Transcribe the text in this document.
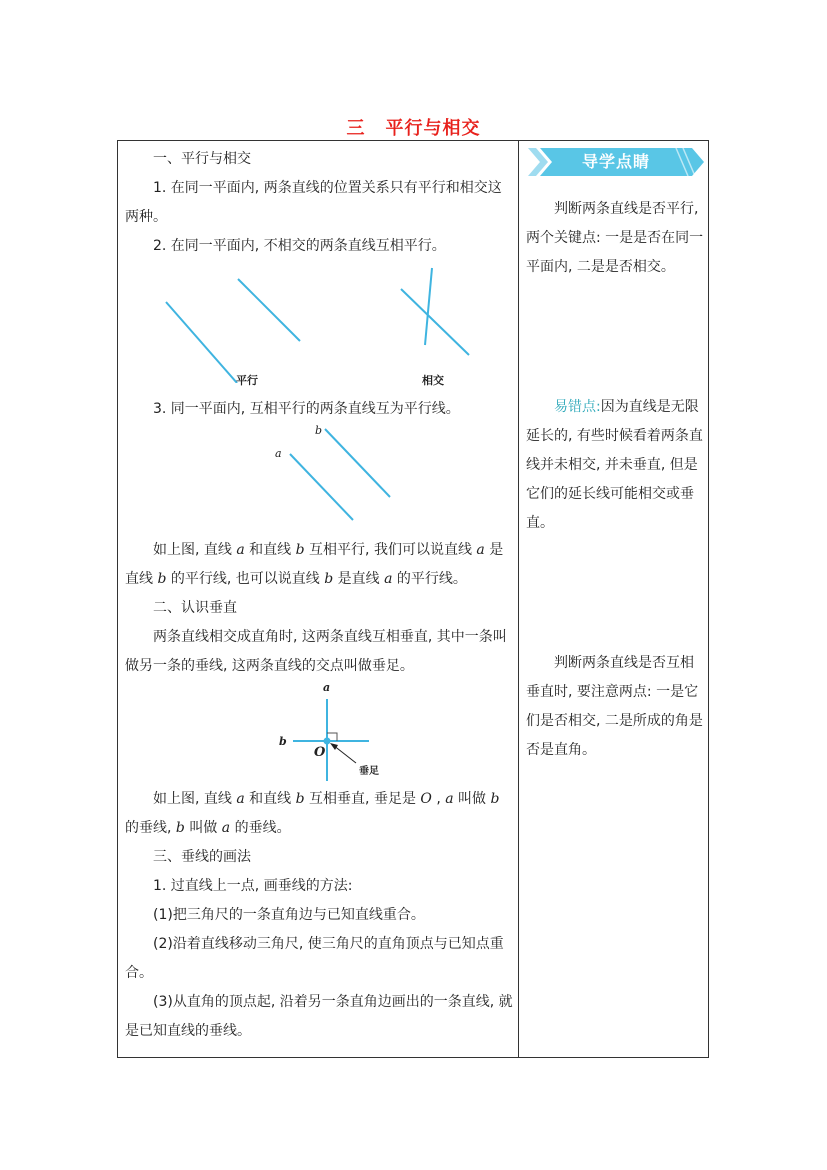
三 平行与相交

一、平行与相交

1. 在同一平面内, 两条直线的位置关系只有平行和相交这两种。

2. 在同一平面内, 不相交的两条直线互相平行。

平行	相交

3. 同一平面内, 互相平行的两条直线互为平行线。

b
a

如上图, 直线 a 和直线 b 互相平行, 我们可以说直线 a 是直线 b 的平行线, 也可以说直线 b 是直线 a 的平行线。

二、认识垂直

两条直线相交成直角时, 这两条直线互相垂直, 其中一条叫做另一条的垂线, 这两条直线的交点叫做垂足。

a
b
O
垂足

如上图, 直线 a 和直线 b 互相垂直, 垂足是 O , a 叫做 b 的垂线, b 叫做 a 的垂线。

三、垂线的画法

1. 过直线上一点, 画垂线的方法:

(1)把三角尺的一条直角边与已知直线重合。

(2)沿着直线移动三角尺, 使三角尺的直角顶点与已知点重合。

(3)从直角的顶点起, 沿着另一条直角边画出的一条直线, 就是已知直线的垂线。

导学点睛

判断两条直线是否平行, 两个关键点: 一是是否在同一平面内, 二是是否相交。

易错点:因为直线是无限延长的, 有些时候看着两条直线并未相交, 并未垂直, 但是它们的延长线可能相交或垂直。

判断两条直线是否互相垂直时, 要注意两点: 一是它们是否相交, 二是所成的角是否是直角。
